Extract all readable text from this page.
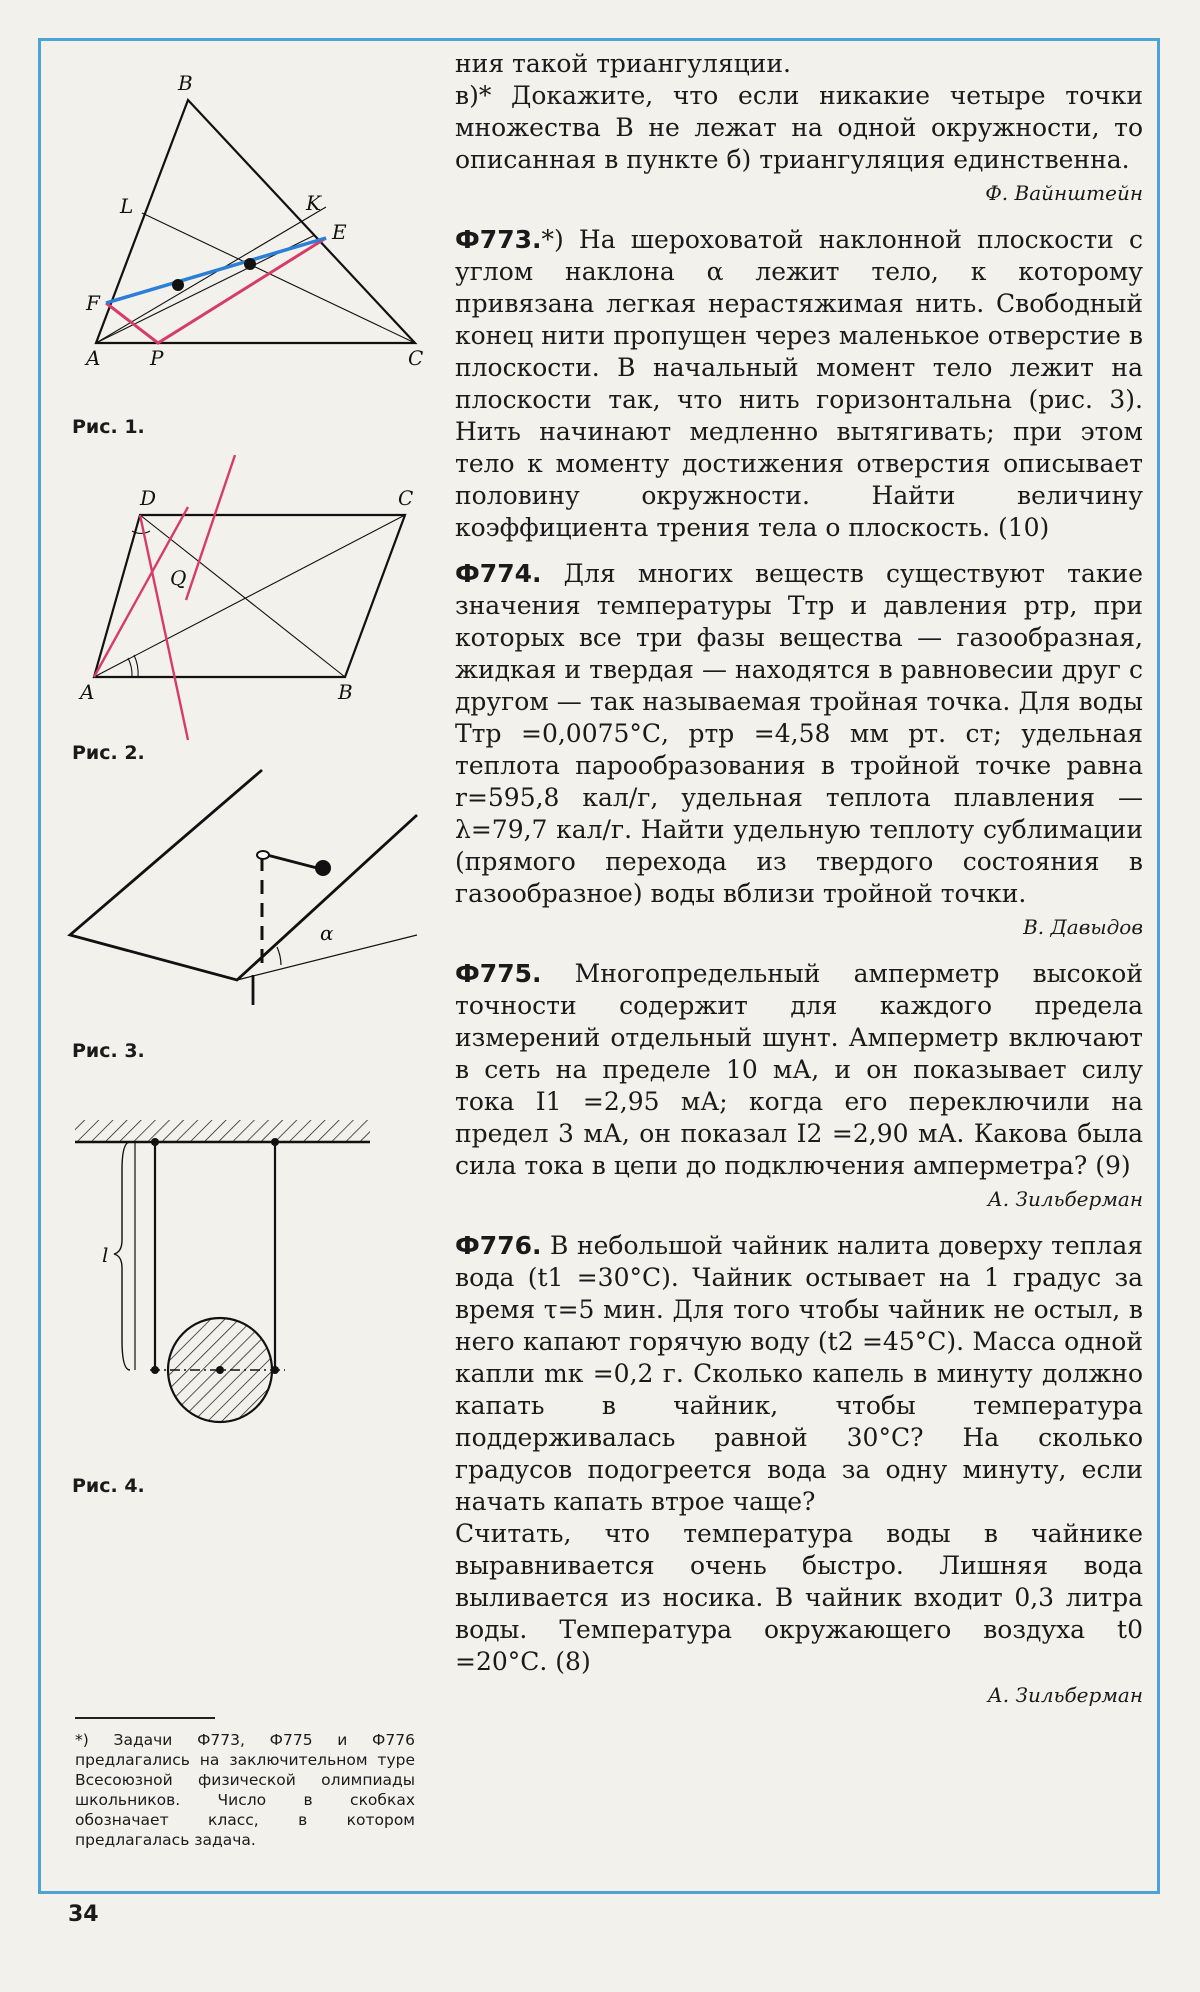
B
L	K
E
F
A P	C
Рис. 1.
D	C
Q
A	B
Рис. 2.
α
Рис. 3.
l
Рис. 4.

ния такой триангуляции.

в)* Докажите, что если никакие четыре точки множества B не лежат на одной окружности, то описанная в пункте б) триангуляция единственна.

Ф. Вайнштейн

Ф773.*) На шероховатой наклонной плоскости с углом наклона α лежит тело, к которому привязана легкая нерастяжимая нить. Свободный конец нити пропущен через маленькое отверстие в плоскости. В начальный момент тело лежит на плоскости так, что нить горизонтальна (рис. 3). Нить начинают медленно вытягивать; при этом тело к моменту достижения отверстия описывает половину окружности. Найти величину коэффициента трения тела о плоскость. (10)

Ф774. Для многих веществ существуют такие значения температуры Tтр и давления pтр, при которых все три фазы вещества — газообразная, жидкая и твердая — находятся в равновесии друг с другом — так называемая тройная точка. Для воды Tтр =0,0075°С, pтр =4,58 мм рт. ст; удельная теплота парообразования в тройной точке равна r=595,8 кал/г, удельная теплота плавления — λ=79,7 кал/г. Найти удельную теплоту сублимации (прямого перехода из твердого состояния в газообразное) воды вблизи тройной точки.

В. Давыдов

Ф775. Многопредельный амперметр высокой точности содержит для каждого предела измерений отдельный шунт. Амперметр включают в сеть на пределе 10 мА, и он показывает силу тока I1 =2,95 мА; когда его переключили на предел 3 мА, он показал I2 =2,90 мА. Какова была сила тока в цепи до подключения амперметра? (9)

А. Зильберман

Ф776. В небольшой чайник налита доверху теплая вода (t1 =30°С). Чайник остывает на 1 градус за время τ=5 мин. Для того чтобы чайник не остыл, в него капают горячую воду (t2 =45°С). Масса одной капли mк =0,2 г. Сколько капель в минуту должно капать в чайник, чтобы температура поддерживалась равной 30°С? На сколько градусов подогреется вода за одну минуту, если начать капать втрое чаще?

Считать, что температура воды в чайнике выравнивается очень быстро. Лишняя вода выливается из носика. В чайник входит 0,3 литра воды. Температура окружающего воздуха t0 =20°С. (8)

А. Зильберман

*) Задачи Ф773, Ф775 и Ф776 предлагались на заключительном туре Всесоюзной физической олимпиады школьников. Число в скобках обозначает класс, в котором предлагалась задача.
34
